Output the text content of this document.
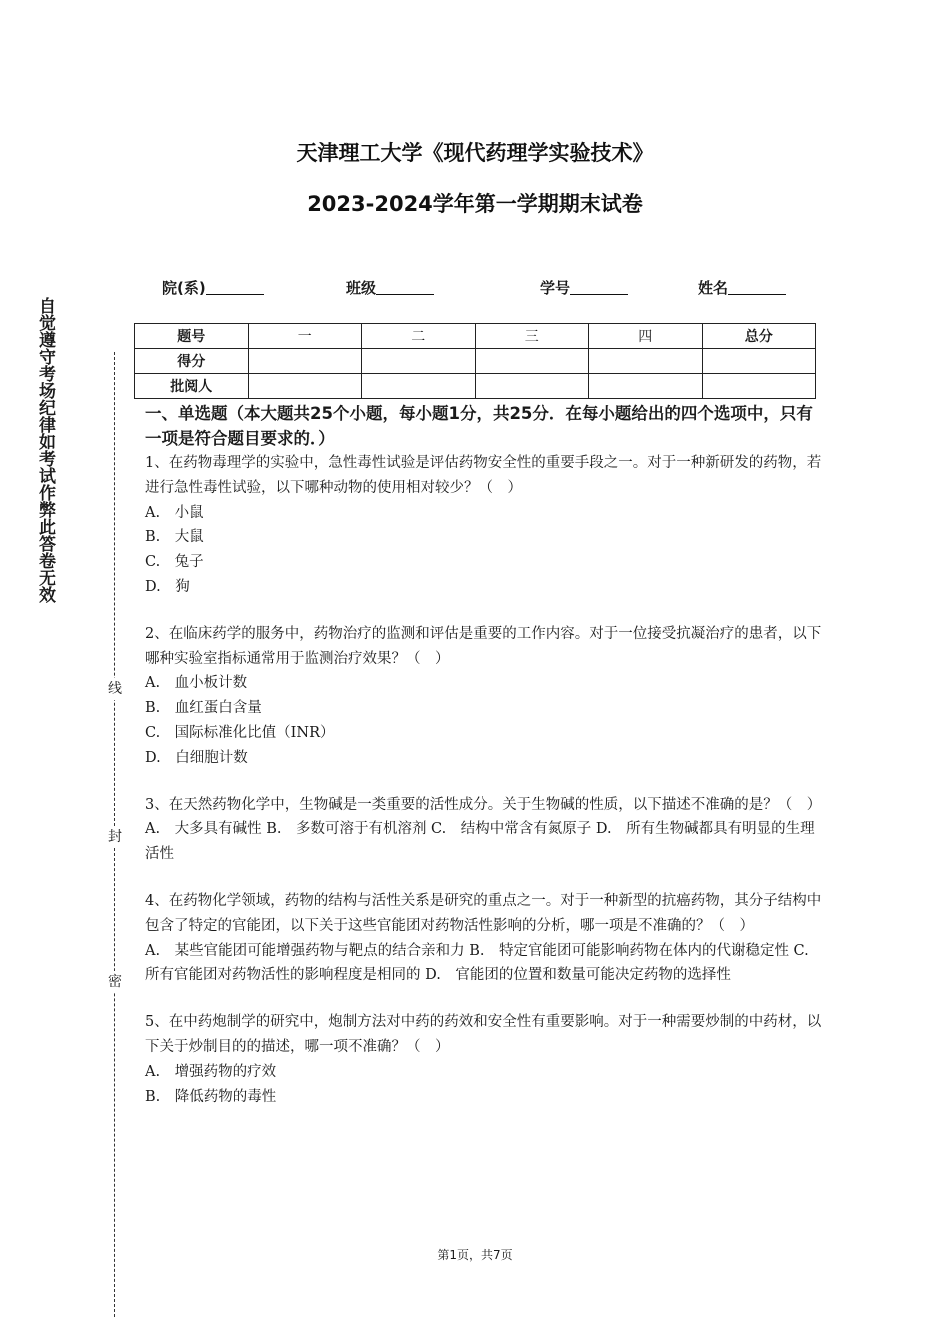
天津理工大学《现代药理学实验技术》
2023-2024学年第一学期期末试卷
自觉遵守考场纪律如考试作弊此答卷无效
线
封
密
院(系)	班级	学号	姓名
题号	一	二	三	四	总分
得分					
批阅人					
一、单选题（本大题共25个小题，每小题1分，共25分．在每小题给出的四个选项中，只有一项是符合题目要求的．）

1、在药物毒理学的实验中，急性毒性试验是评估药物安全性的重要手段之一。对于一种新研发的药物，若进行急性毒性试验，以下哪种动物的使用相对较少？（　）

A.　小鼠

B.　大鼠

C.　兔子

D.　狗

2、在临床药学的服务中，药物治疗的监测和评估是重要的工作内容。对于一位接受抗凝治疗的患者，以下哪种实验室指标通常用于监测治疗效果？（　）

A.　血小板计数

B.　血红蛋白含量

C.　国际标准化比值（INR）

D.　白细胞计数

3、在天然药物化学中，生物碱是一类重要的活性成分。关于生物碱的性质，以下描述不准确的是？（　）

A.　大多具有碱性 B.　多数可溶于有机溶剂 C.　结构中常含有氮原子 D.　所有生物碱都具有明显的生理活性

4、在药物化学领域，药物的结构与活性关系是研究的重点之一。对于一种新型的抗癌药物，其分子结构中包含了特定的官能团，以下关于这些官能团对药物活性影响的分析，哪一项是不准确的？（　）

A.　某些官能团可能增强药物与靶点的结合亲和力 B.　特定官能团可能影响药物在体内的代谢稳定性 C.　所有官能团对药物活性的影响程度是相同的 D.　官能团的位置和数量可能决定药物的选择性

5、在中药炮制学的研究中，炮制方法对中药的药效和安全性有重要影响。对于一种需要炒制的中药材，以下关于炒制目的的描述，哪一项不准确？（　）

A.　增强药物的疗效

B.　降低药物的毒性

第1页，共7页
